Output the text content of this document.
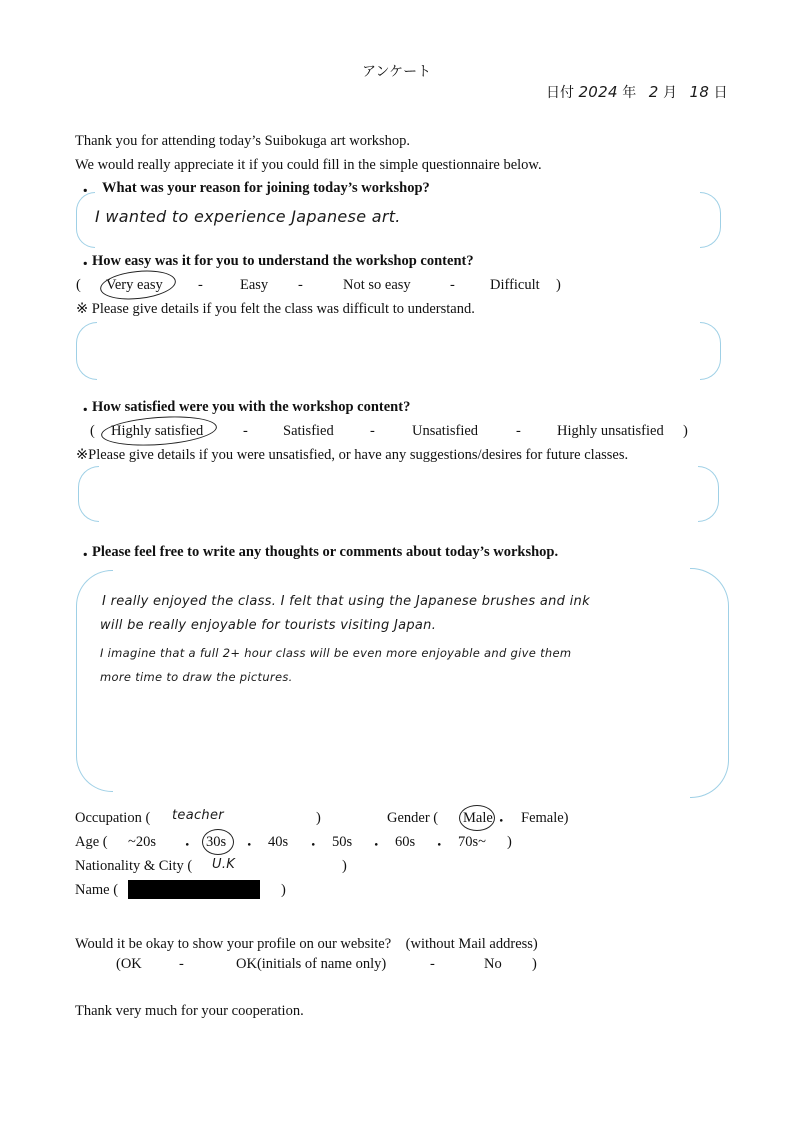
アンケート
日付 2024 年 2 月 18 日
Thank you for attending today’s Suibokuga art workshop.
We would really appreciate it if you could fill in the simple questionnaire below.
・ What was your reason for joining today’s workshop?
I wanted to experience Japanese art.
・ How easy was it for you to understand the workshop content?
( Very easy -	Easy -	Not so easy	- Difficult )
※ Please give details if you felt the class was difficult to understand.
・ How satisfied were you with the workshop content?
( Highly satisfied	- Satisfied	-	Unsatisfied	- Highly unsatisfied )
※Please give details if you were unsatisfied, or have any suggestions/desires for future classes.
・ Please feel free to write any thoughts or comments about today’s workshop.
I really enjoyed the class. I felt that using the Japanese brushes and ink
will be really enjoyable for tourists visiting Japan.
I imagine that a full 2+ hour class will be even more enjoyable and give them
more time to draw the pictures.
Occupation ( teacher	)	Gender ( Male ・ Female)
Age ( ~20s ・ 30s ・ 40s ・ 50s ・ 60s ・ 70s~ )
Nationality & City ( U.K	)
Name (	)
Would it be okay to show your profile on our website?　(without Mail address)
(OK	-	OK(initials of name only)	-	No )
Thank very much for your cooperation.
